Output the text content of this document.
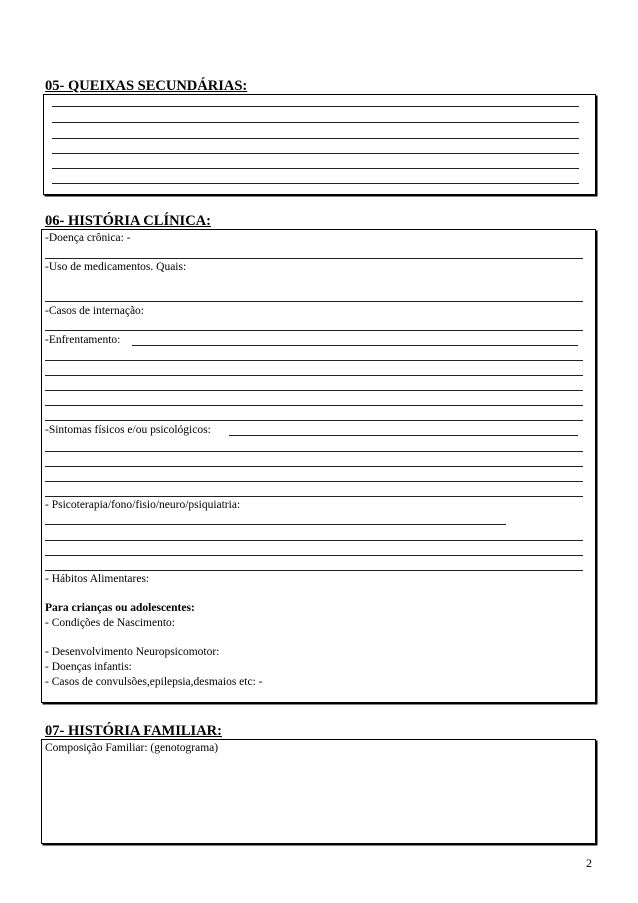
05- QUEIXAS SECUNDÁRIAS:
06- HISTÓRIA CLÍNICA:
-Doença crônica: -
-Uso de medicamentos. Quais:
-Casos de internação:
-Enfrentamento:
-Sintomas físicos e/ou psicológicos:
- Psicoterapia/fono/fisio/neuro/psiquiatria:
- Hábitos Alimentares:
Para crianças ou adolescentes:
- Condições de Nascimento:
- Desenvolvimento Neuropsicomotor:
- Doenças infantis:
- Casos de convulsões,epilepsia,desmaios etc: -
07- HISTÓRIA FAMILIAR:
Composição Familiar: (genotograma)
2
